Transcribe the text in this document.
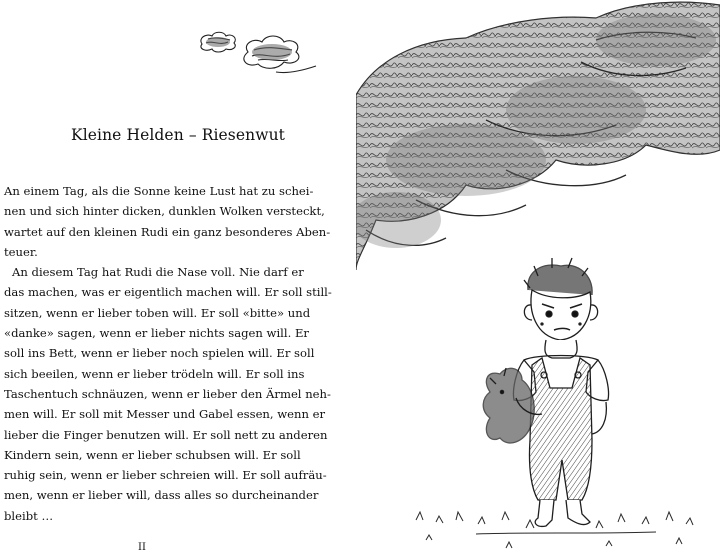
Kleine Helden – Riesenwut
An einem Tag, als die Sonne keine Lust hat zu schei-
nen und sich hinter dicken, dunklen Wolken versteckt,
wartet auf den kleinen Rudi ein ganz besonderes Aben-
teuer.
An diesem Tag hat Rudi die Nase voll. Nie darf er
das machen, was er eigentlich machen will. Er soll still-
sitzen, wenn er lieber toben will. Er soll «bitte» und
«danke» sagen, wenn er lieber nichts sagen will. Er
soll ins Bett, wenn er lieber noch spielen will. Er soll
sich beeilen, wenn er lieber trödeln will. Er soll ins
Taschentuch schnäuzen, wenn er lieber den Ärmel neh-
men will. Er soll mit Messer und Gabel essen, wenn er
lieber die Finger benutzen will. Er soll nett zu anderen
Kindern sein, wenn er lieber schubsen will. Er soll
ruhig sein, wenn er lieber schreien will. Er soll aufräu-
men, wenn er lieber will, dass alles so durcheinander
bleibt …
II
